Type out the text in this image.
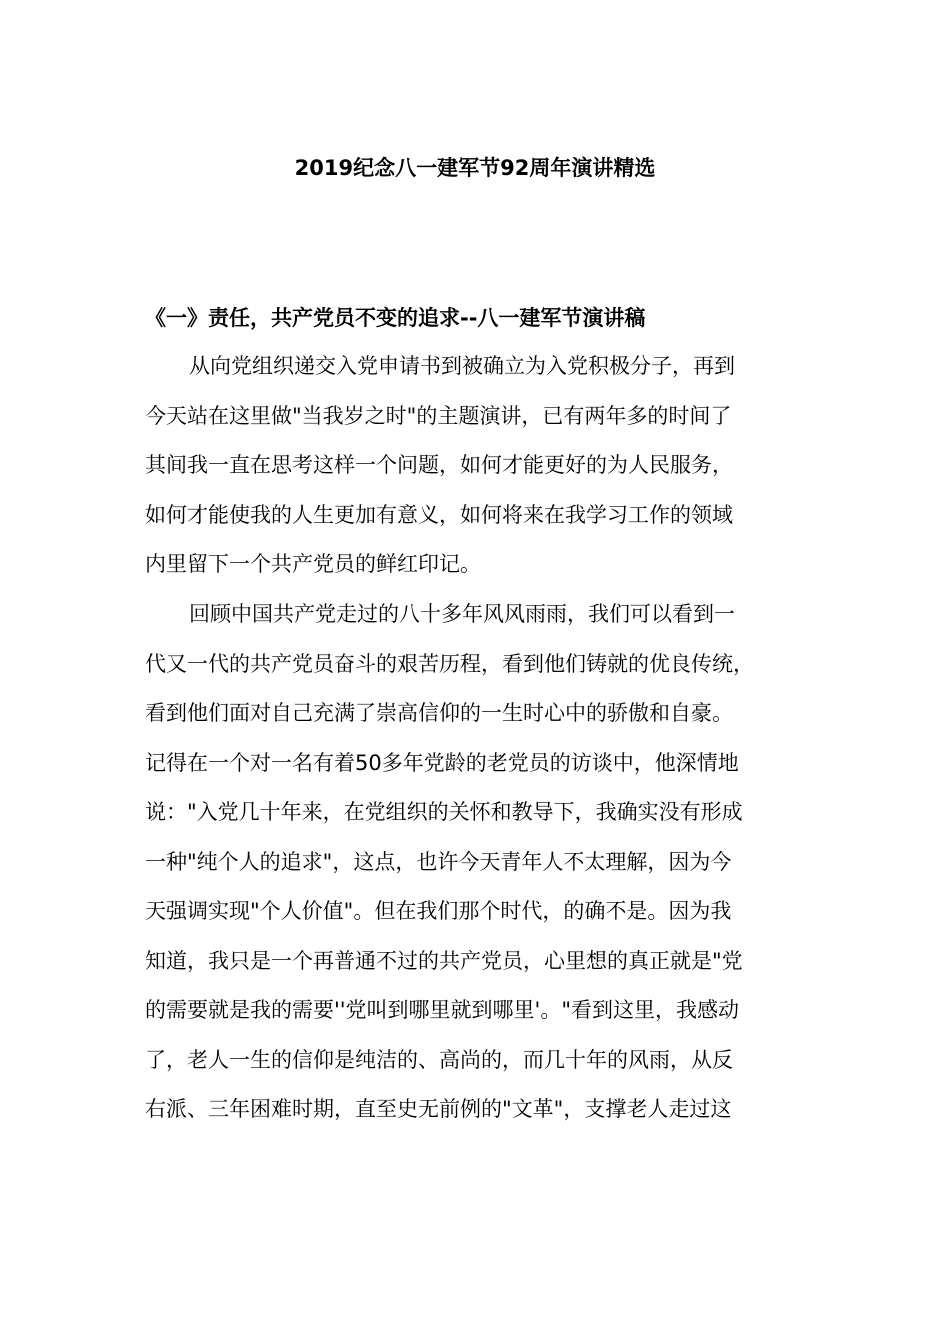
2019纪念八一建军节92周年演讲精选
《一》责任，共产党员不变的追求--八一建军节演讲稿
从向党组织递交入党申请书到被确立为入党积极分子，再到
今天站在这里做"当我岁之时"的主题演讲，已有两年多的时间了
其间我一直在思考这样一个问题，如何才能更好的为人民服务，
如何才能使我的人生更加有意义，如何将来在我学习工作的领域
内里留下一个共产党员的鲜红印记。
回顾中国共产党走过的八十多年风风雨雨，我们可以看到一
代又一代的共产党员奋斗的艰苦历程，看到他们铸就的优良传统，
看到他们面对自己充满了崇高信仰的一生时心中的骄傲和自豪。
记得在一个对一名有着50多年党龄的老党员的访谈中，他深情地
说："入党几十年来，在党组织的关怀和教导下，我确实没有形成
一种"纯个人的追求"，这点，也许今天青年人不太理解，因为今
天强调实现"个人价值"。但在我们那个时代，的确不是。因为我
知道，我只是一个再普通不过的共产党员，心里想的真正就是"党
的需要就是我的需要''党叫到哪里就到哪里'。"看到这里，我感动
了，老人一生的信仰是纯洁的、高尚的，而几十年的风雨，从反
右派、三年困难时期，直至史无前例的"文革"，支撑老人走过这
